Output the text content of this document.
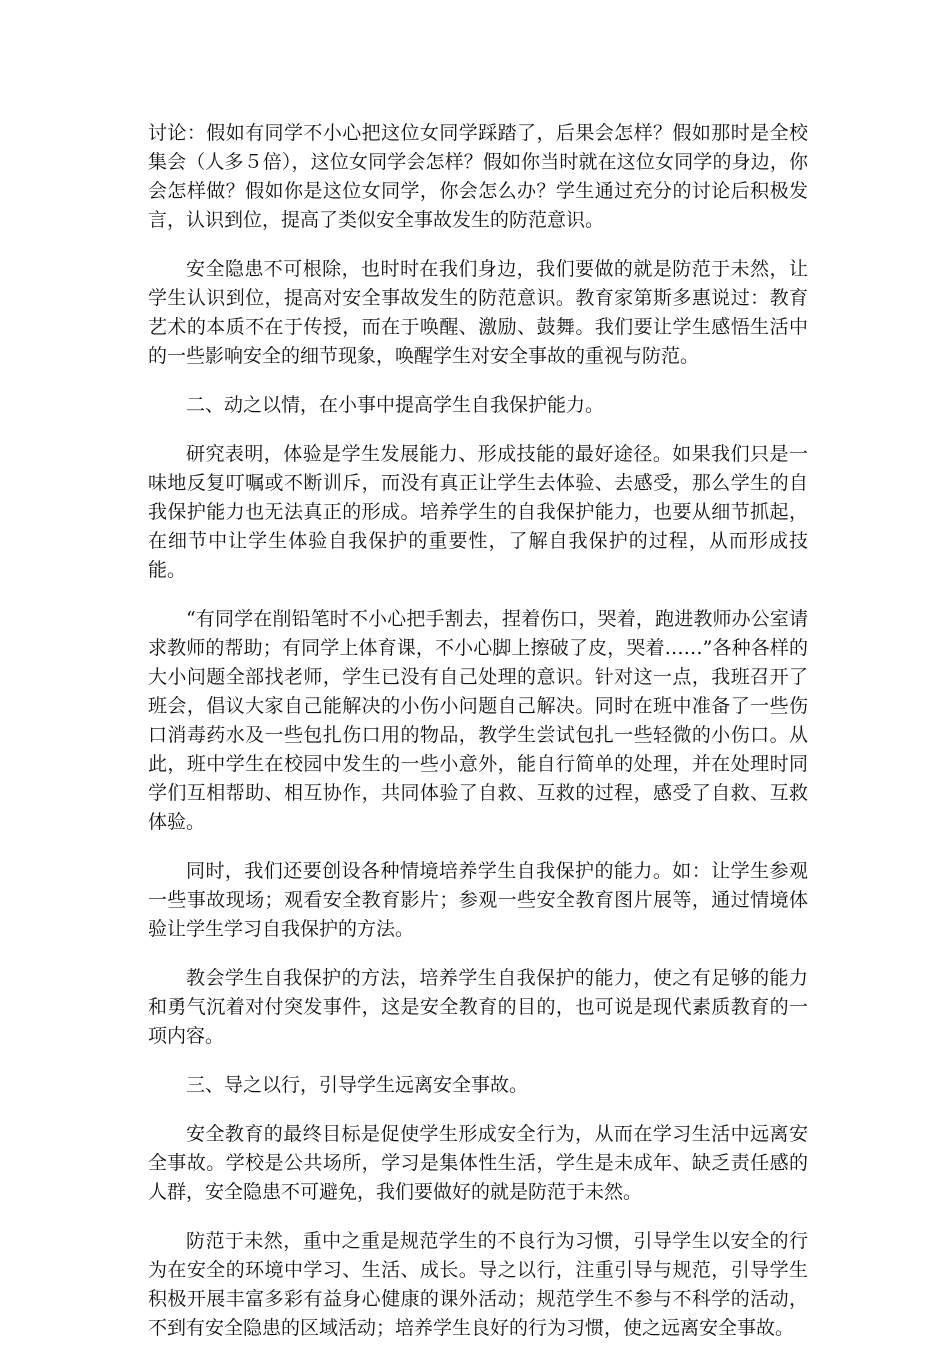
讨论：假如有同学不小心把这位女同学踩踏了，后果会怎样？假如那时是全校集会（人多５倍），这位女同学会怎样？假如你当时就在这位女同学的身边，你会怎样做？假如你是这位女同学，你会怎么办？学生通过充分的讨论后积极发言，认识到位，提高了类似安全事故发生的防范意识。

安全隐患不可根除，也时时在我们身边，我们要做的就是防范于未然，让学生认识到位，提高对安全事故发生的防范意识。教育家第斯多惠说过：教育艺术的本质不在于传授，而在于唤醒、激励、鼓舞。我们要让学生感悟生活中的一些影响安全的细节现象，唤醒学生对安全事故的重视与防范。

二、动之以情，在小事中提高学生自我保护能力。

研究表明，体验是学生发展能力、形成技能的最好途径。如果我们只是一味地反复叮嘱或不断训斥，而没有真正让学生去体验、去感受，那么学生的自我保护能力也无法真正的形成。培养学生的自我保护能力，也要从细节抓起，在细节中让学生体验自我保护的重要性，了解自我保护的过程，从而形成技能。

“有同学在削铅笔时不小心把手割去，捏着伤口，哭着，跑进教师办公室请求教师的帮助；有同学上体育课，不小心脚上擦破了皮，哭着……”各种各样的大小问题全部找老师，学生已没有自己处理的意识。针对这一点，我班召开了班会，倡议大家自己能解决的小伤小问题自己解决。同时在班中准备了一些伤口消毒药水及一些包扎伤口用的物品，教学生尝试包扎一些轻微的小伤口。从此，班中学生在校园中发生的一些小意外，能自行简单的处理，并在处理时同学们互相帮助、相互协作，共同体验了自救、互救的过程，感受了自救、互救体验。

同时，我们还要创设各种情境培养学生自我保护的能力。如：让学生参观一些事故现场；观看安全教育影片；参观一些安全教育图片展等，通过情境体验让学生学习自我保护的方法。

教会学生自我保护的方法，培养学生自我保护的能力，使之有足够的能力和勇气沉着对付突发事件，这是安全教育的目的，也可说是现代素质教育的一项内容。

三、导之以行，引导学生远离安全事故。

安全教育的最终目标是促使学生形成安全行为，从而在学习生活中远离安全事故。学校是公共场所，学习是集体性生活，学生是未成年、缺乏责任感的人群，安全隐患不可避免，我们要做好的就是防范于未然。

防范于未然，重中之重是规范学生的不良行为习惯，引导学生以安全的行为在安全的环境中学习、生活、成长。导之以行，注重引导与规范，引导学生积极开展丰富多彩有益身心健康的课外活动；规范学生不参与不科学的活动，不到有安全隐患的区域活动；培养学生良好的行为习惯，使之远离安全事故。
